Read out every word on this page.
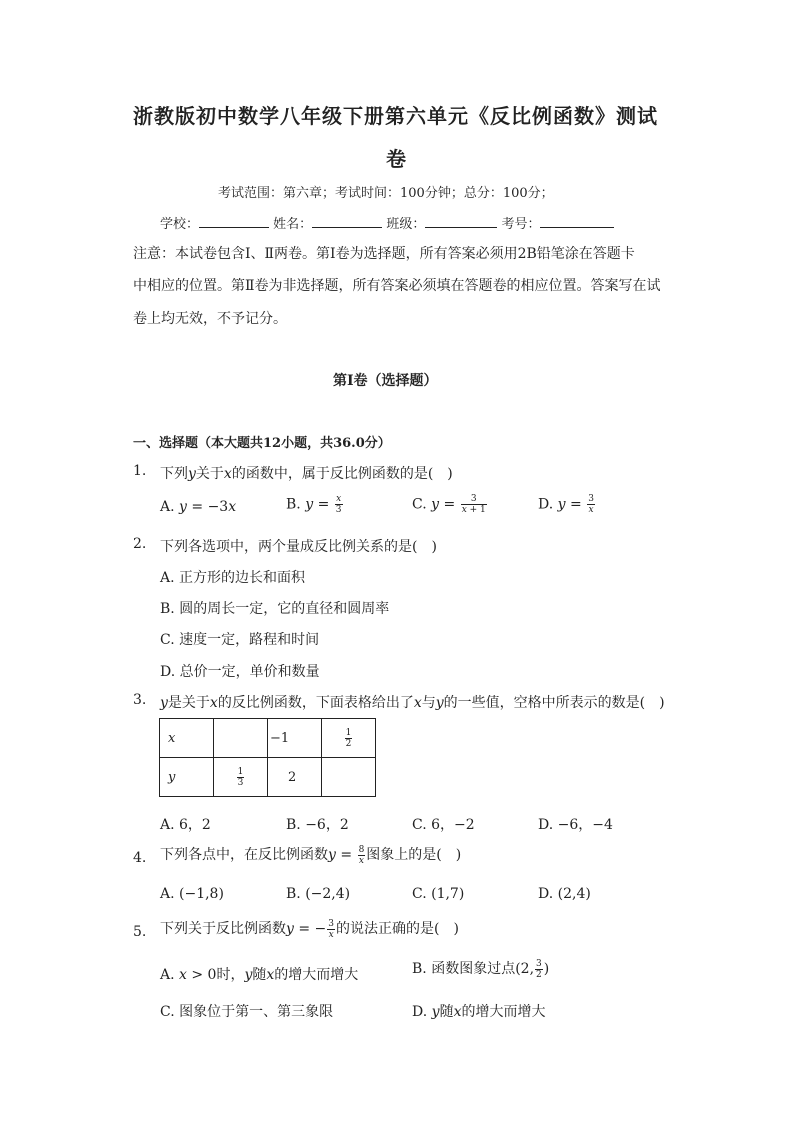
浙教版初中数学八年级下册第六单元《反比例函数》测试
卷
考试范围：第六章；考试时间：100分钟；总分：100分；
学校：	姓名：	班级：	考号：
注意：本试卷包含Ⅰ、Ⅱ两卷。第Ⅰ卷为选择题，所有答案必须用2B铅笔涂在答题卡
中相应的位置。第Ⅱ卷为非选择题，所有答案必须填在答题卷的相应位置。答案写在试
卷上均无效，不予记分。
第Ⅰ卷（选择题）
一、选择题（本大题共12小题，共36.0分）
1. 下列y关于x的函数中，属于反比例函数的是(　)
A. y = −3x	B. $y = \frac{x}{3}$	C. $y = \frac{3}{x + 1}$	D. $y = \frac{3}{x}$
2. 下列各选项中，两个量成反比例关系的是(　)
A. 正方形的边长和面积
B. 圆的周长一定，它的直径和圆周率
C. 速度一定，路程和时间
D. 总价一定，单价和数量
3. y是关于x的反比例函数，下面表格给出了x与y的一些值，空格中所表示的数是(　)
x		−1	$\frac{1}{2}$

y	$\frac{1}{3}$	2	
A. 6，2	B. −6，2	C. 6，−2	D. −6，−4
4. 下列各点中，在反比例函数$y = \frac{8}{x}$ 图象上的是(　)
A. (−1,8)	B. (−2,4)	C. (1,7)	D. (2,4)
5. 下列关于反比例函数y = − $\frac{3}{x}$ 的说法正确的是(　)
A. x > 0时，y随x的增大而增大	B. 函数图象过点(2, $\frac{3}{2}$ )
C. 图象位于第一、第三象限	D. y随x的增大而增大
